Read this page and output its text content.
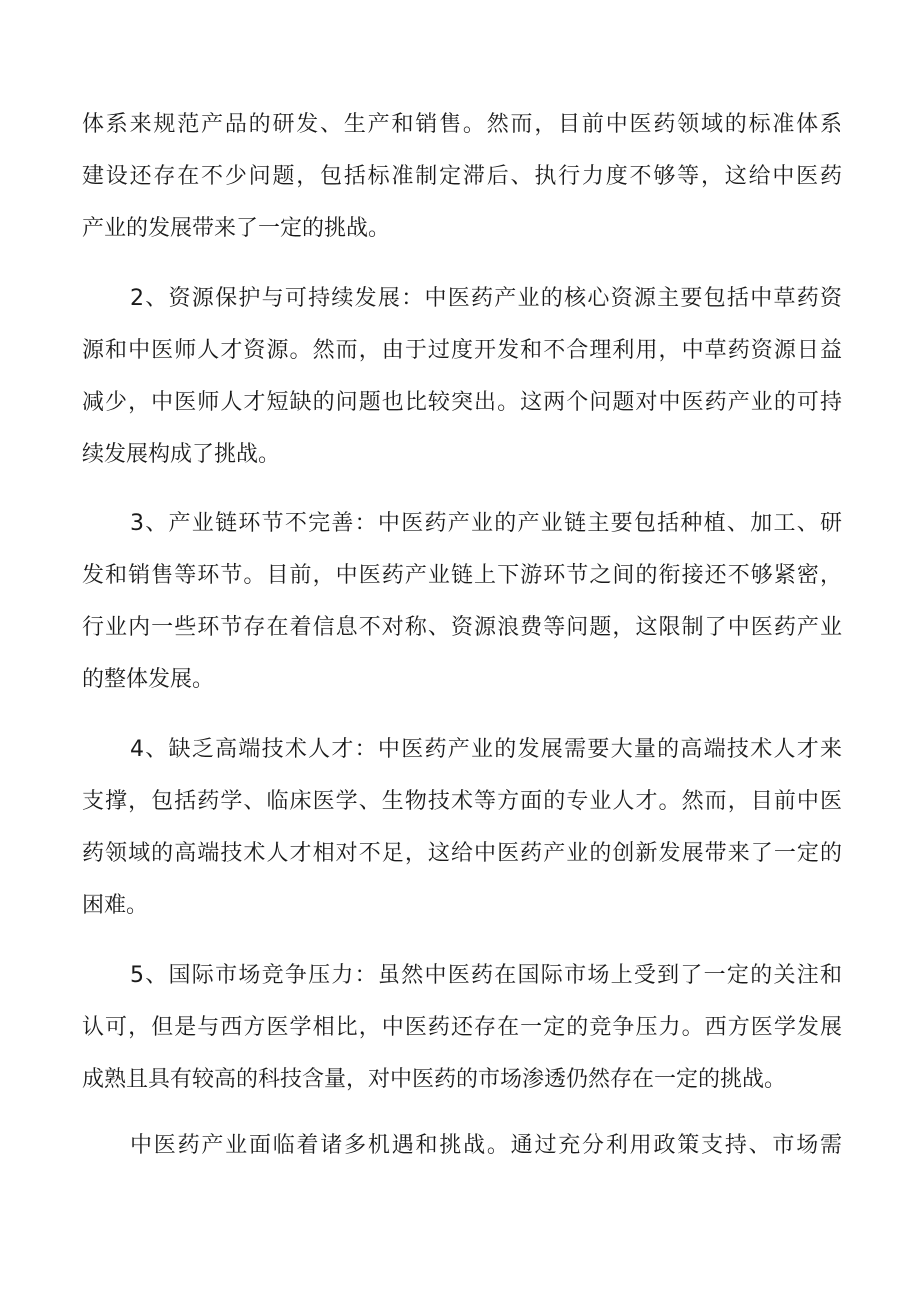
体系来规范产品的研发、生产和销售。然而，目前中医药领域的标准体系
建设还存在不少问题，包括标准制定滞后、执行力度不够等，这给中医药
产业的发展带来了一定的挑战。
2、资源保护与可持续发展：中医药产业的核心资源主要包括中草药资
源和中医师人才资源。然而，由于过度开发和不合理利用，中草药资源日益
减少，中医师人才短缺的问题也比较突出。这两个问题对中医药产业的可持
续发展构成了挑战。
3、产业链环节不完善：中医药产业的产业链主要包括种植、加工、研
发和销售等环节。目前，中医药产业链上下游环节之间的衔接还不够紧密，
行业内一些环节存在着信息不对称、资源浪费等问题，这限制了中医药产业
的整体发展。
4、缺乏高端技术人才：中医药产业的发展需要大量的高端技术人才来
支撑，包括药学、临床医学、生物技术等方面的专业人才。然而，目前中医
药领域的高端技术人才相对不足，这给中医药产业的创新发展带来了一定的
困难。
5、国际市场竞争压力：虽然中医药在国际市场上受到了一定的关注和
认可，但是与西方医学相比，中医药还存在一定的竞争压力。西方医学发展
成熟且具有较高的科技含量，对中医药的市场渗透仍然存在一定的挑战。
中医药产业面临着诸多机遇和挑战。通过充分利用政策支持、市场需
